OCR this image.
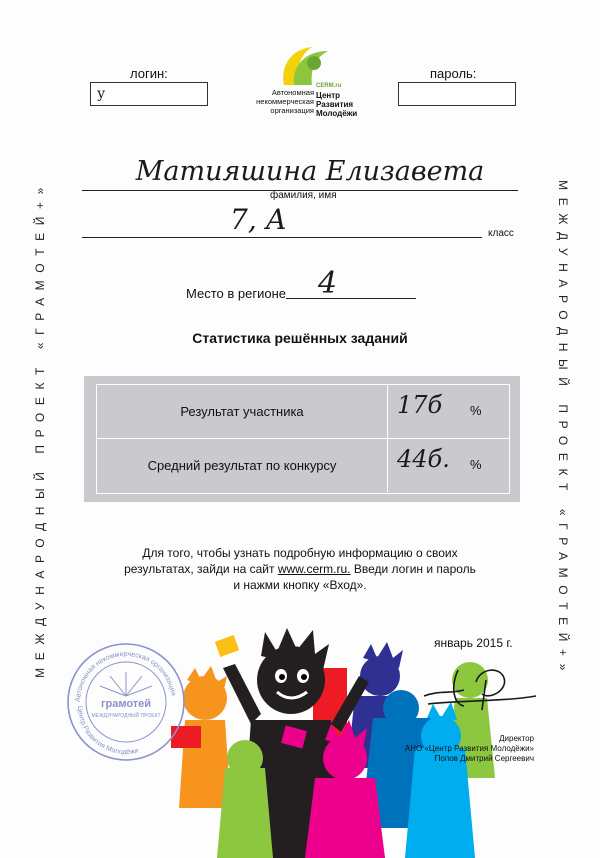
МЕЖДУНАРОДНЫЙ ПРОЕКТ «ГРАМОТЕЙ+»	МЕЖДУНАРОДНЫЙ ПРОЕКТ «ГРАМОТЕЙ+»
логин:
у
пароль:
Автономная
некоммерческая
организация
CERM.ru
Центр
Развития
Молодёжи
Матияшина Елизавета
фамилия, имя
7, А	класс
Место в регионе 4
Статистика решённых заданий
Результат участника	17б %
Средний результат по конкурсу	44б. %
Для того, чтобы узнать подробную информацию о своих
результатах, зайди на сайт www.cerm.ru. Введи логин и пароль
и нажми кнопку «Вход».
январь 2015 г.
Директор
АНО «Центр Развития Молодёжи»
Попов Дмитрий Сергеевич
Автономная некоммерческая организация
Центр Развития Молодёжи
грамотей
МЕЖДУНАРОДНЫЙ ПРОЕКТ
